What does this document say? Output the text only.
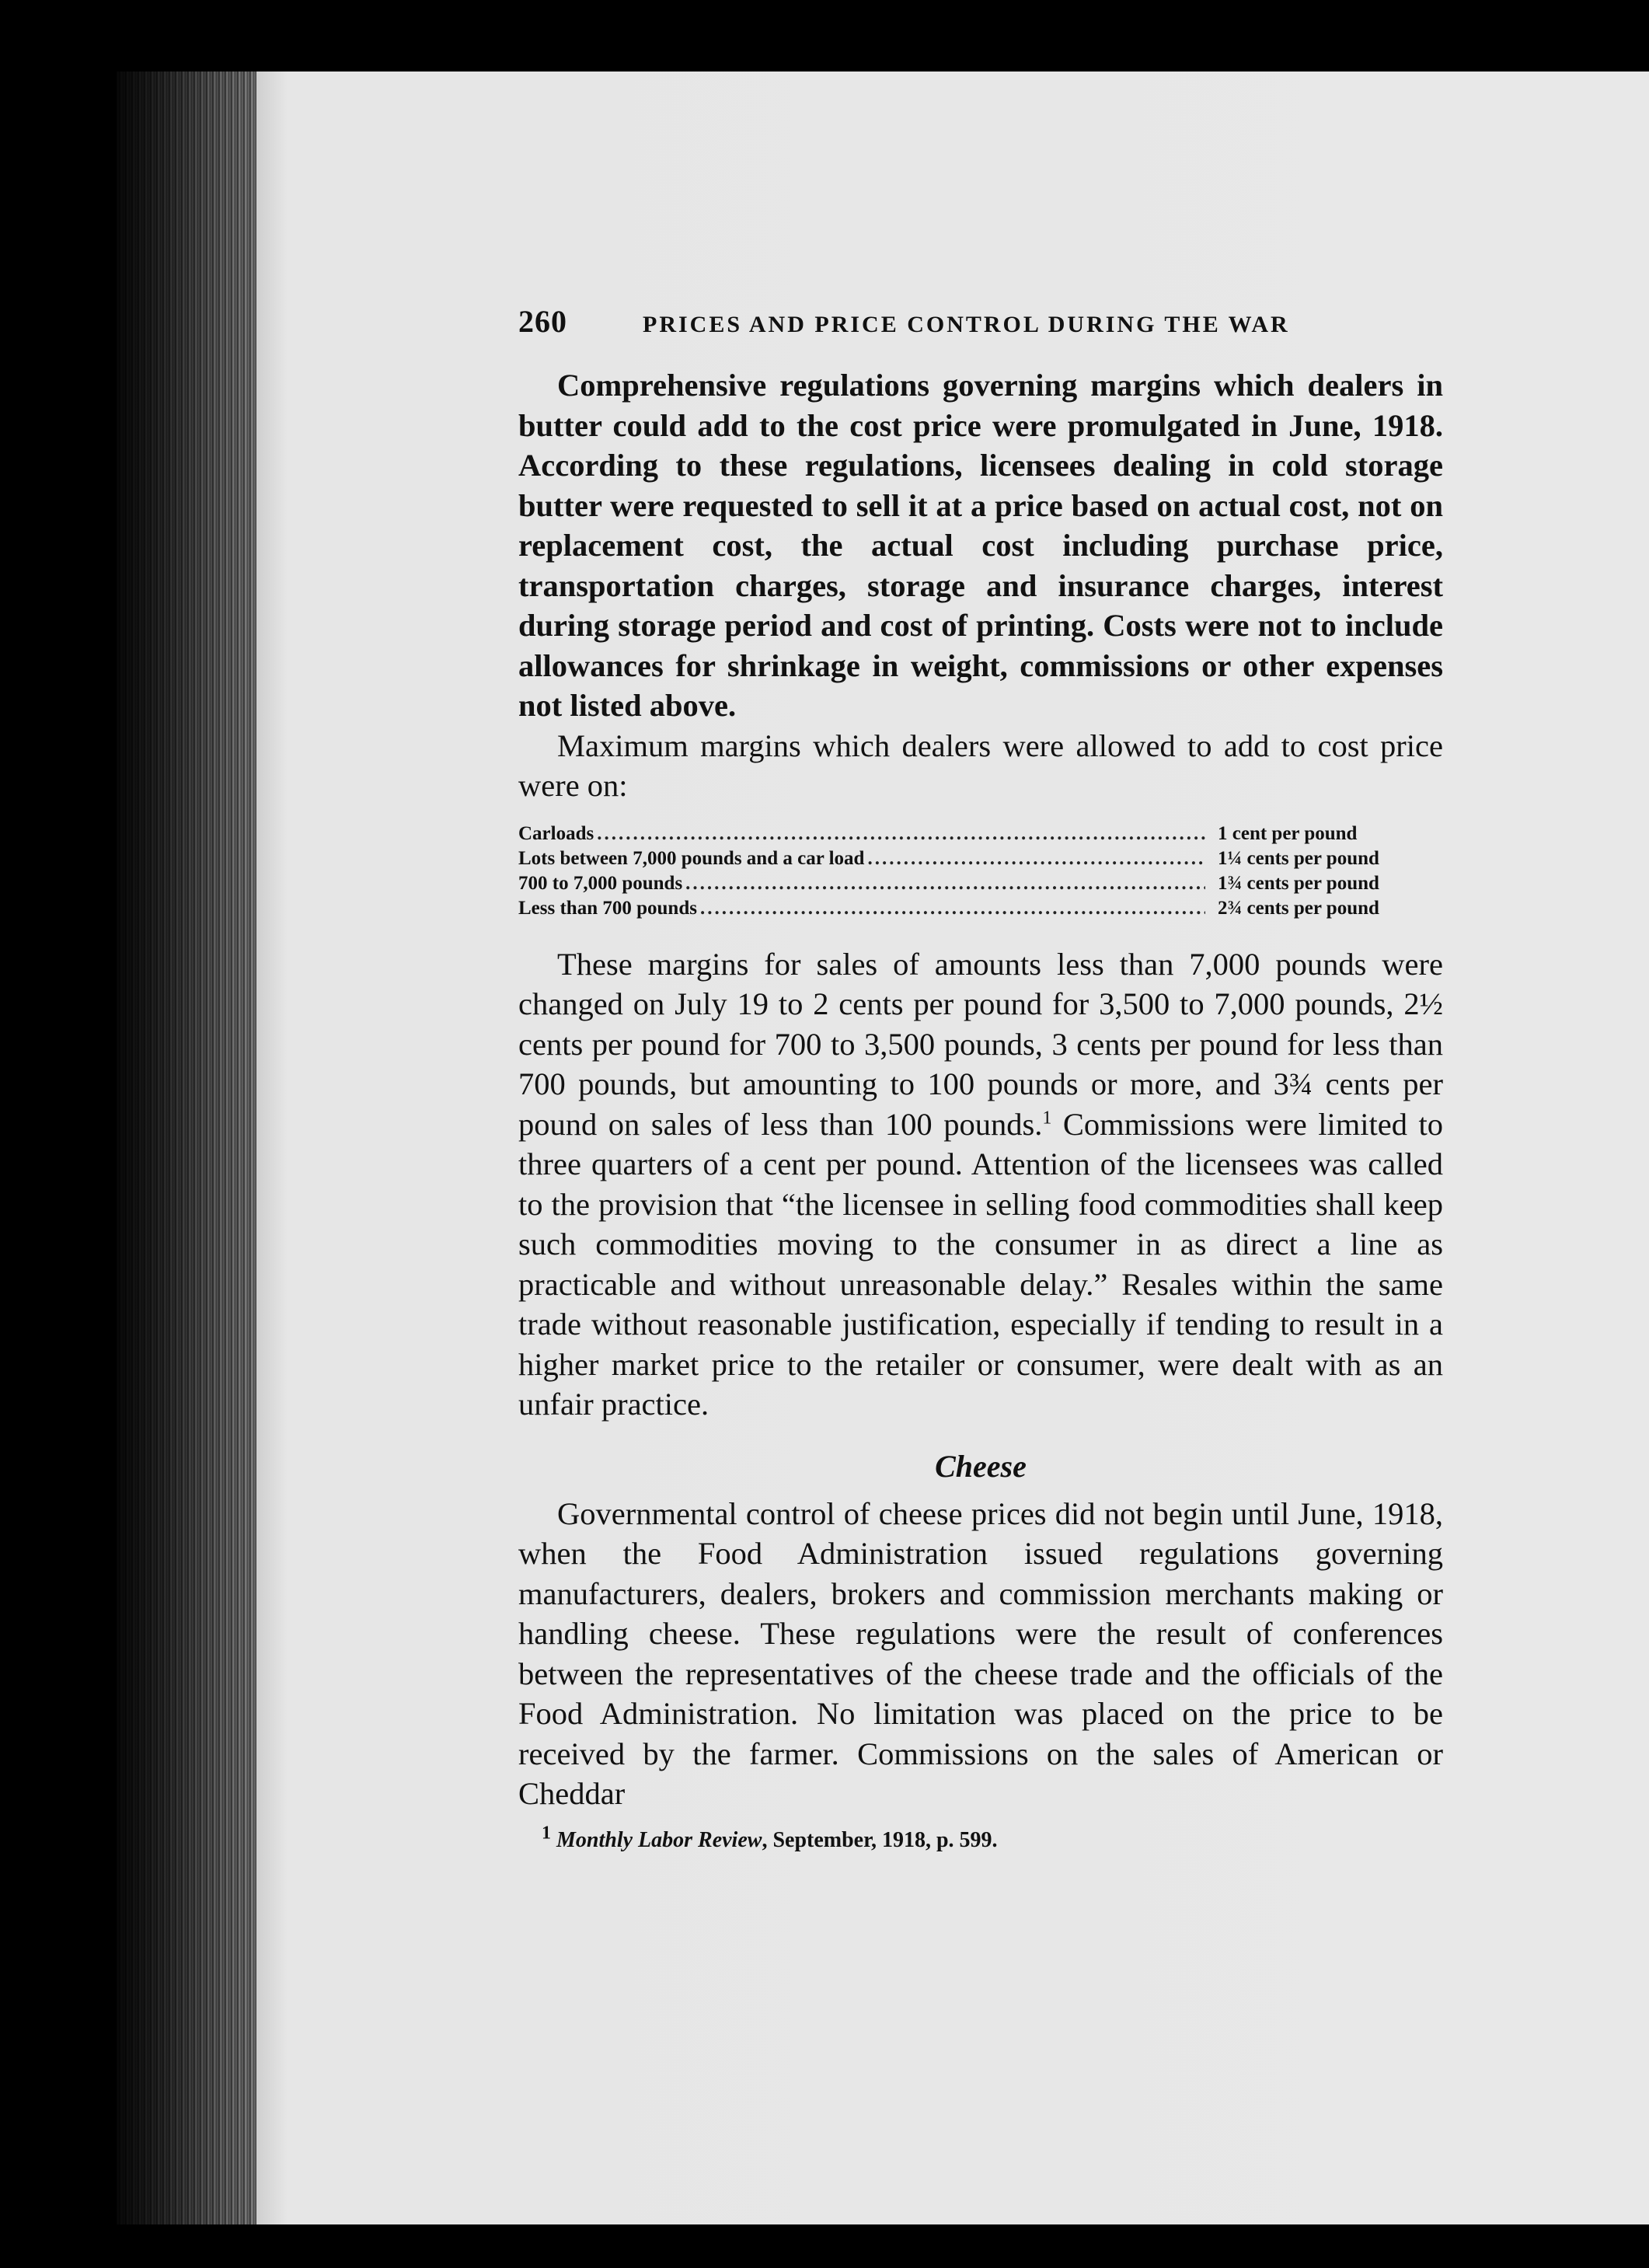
260	PRICES AND PRICE CONTROL DURING THE WAR

Comprehensive regulations governing margins which dealers in butter could add to the cost price were promulgated in June, 1918. According to these regulations, licensees dealing in cold storage butter were requested to sell it at a price based on actual cost, not on replacement cost, the actual cost including purchase price, transportation charges, storage and insurance charges, interest during storage period and cost of printing. Costs were not to include allowances for shrinkage in weight, commissions or other expenses not listed above.

Maximum margins which dealers were allowed to add to cost price were on:

Carloads .....	1 cent per pound
Lots between 7,000 pounds and a car load .....	1¼ cents per pound
700 to 7,000 pounds .....	1¾ cents per pound
Less than 700 pounds .....	2¾ cents per pound

These margins for sales of amounts less than 7,000 pounds were changed on July 19 to 2 cents per pound for 3,500 to 7,000 pounds, 2½ cents per pound for 700 to 3,500 pounds, 3 cents per pound for less than 700 pounds, but amounting to 100 pounds or more, and 3¾ cents per pound on sales of less than 100 pounds.$^1$ Commissions were limited to three quarters of a cent per pound. Attention of the licensees was called to the provision that “the licensee in selling food commodities shall keep such commodities moving to the consumer in as direct a line as practicable and without unreasonable delay.” Resales within the same trade without reasonable justification, especially if tending to result in a higher market price to the retailer or consumer, were dealt with as an unfair practice.

Cheese

Governmental control of cheese prices did not begin until June, 1918, when the Food Administration issued regulations governing manufacturers, dealers, brokers and commission merchants making or handling cheese. These regulations were the result of conferences between the representatives of the cheese trade and the officials of the Food Administration. No limitation was placed on the price to be received by the farmer. Commissions on the sales of American or Cheddar

1 Monthly Labor Review, September, 1918, p. 599.
